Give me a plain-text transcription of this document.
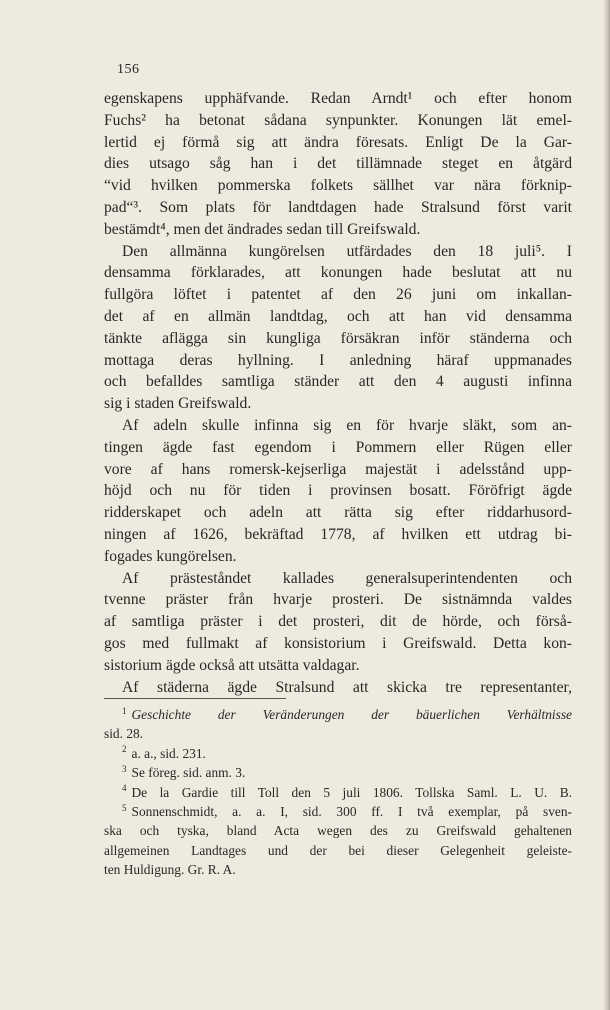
156

egenskapens upphäfvande. Redan Arndt¹ och efter honom

Fuchs² ha betonat sådana synpunkter. Konungen lät emel-

lertid ej förmå sig att ändra föresats. Enligt De la Gar-

dies utsago såg han i det tillämnade steget en åtgärd

“vid hvilken pommerska folkets sällhet var nära förknip-

pad“³. Som plats för landtdagen hade Stralsund först varit

bestämdt⁴, men det ändrades sedan till Greifswald.

Den allmänna kungörelsen utfärdades den 18 juli⁵. I

densamma förklarades, att konungen hade beslutat att nu

fullgöra löftet i patentet af den 26 juni om inkallan-

det af en allmän landtdag, och att han vid densamma

tänkte aflägga sin kungliga försäkran inför ständerna och

mottaga deras hyllning. I anledning häraf uppmanades

och befalldes samtliga ständer att den 4 augusti infinna

sig i staden Greifswald.

Af adeln skulle infinna sig en för hvarje släkt, som an-

tingen ägde fast egendom i Pommern eller Rügen eller

vore af hans romersk-kejserliga majestät i adelsstånd upp-

höjd och nu för tiden i provinsen bosatt. Föröfrigt ägde

ridderskapet och adeln att rätta sig efter riddarhusord-

ningen af 1626, bekräftad 1778, af hvilken ett utdrag bi-

fogades kungörelsen.

Af prästeståndet kallades generalsuperintendenten och

tvenne präster från hvarje prosteri. De sistnämnda valdes

af samtliga präster i det prosteri, dit de hörde, och förså-

gos med fullmakt af konsistorium i Greifswald. Detta kon-

sistorium ägde också att utsätta valdagar.

Af städerna ägde Stralsund att skicka tre representanter,

$^1$ Geschichte der Veränderungen der bäuerlichen Verhältnisse

sid. 28.

$^2$ a. a., sid. 231.

$^3$ Se föreg. sid. anm. 3.

$^4$ De la Gardie till Toll den 5 juli 1806. Tollska Saml. L. U. B.

$^5$ Sonnenschmidt, a. a. I, sid. 300 ff. I två exemplar, på sven-

ska och tyska, bland Acta wegen des zu Greifswald gehaltenen

allgemeinen Landtages und der bei dieser Gelegenheit geleiste-

ten Huldigung. Gr. R. A.
